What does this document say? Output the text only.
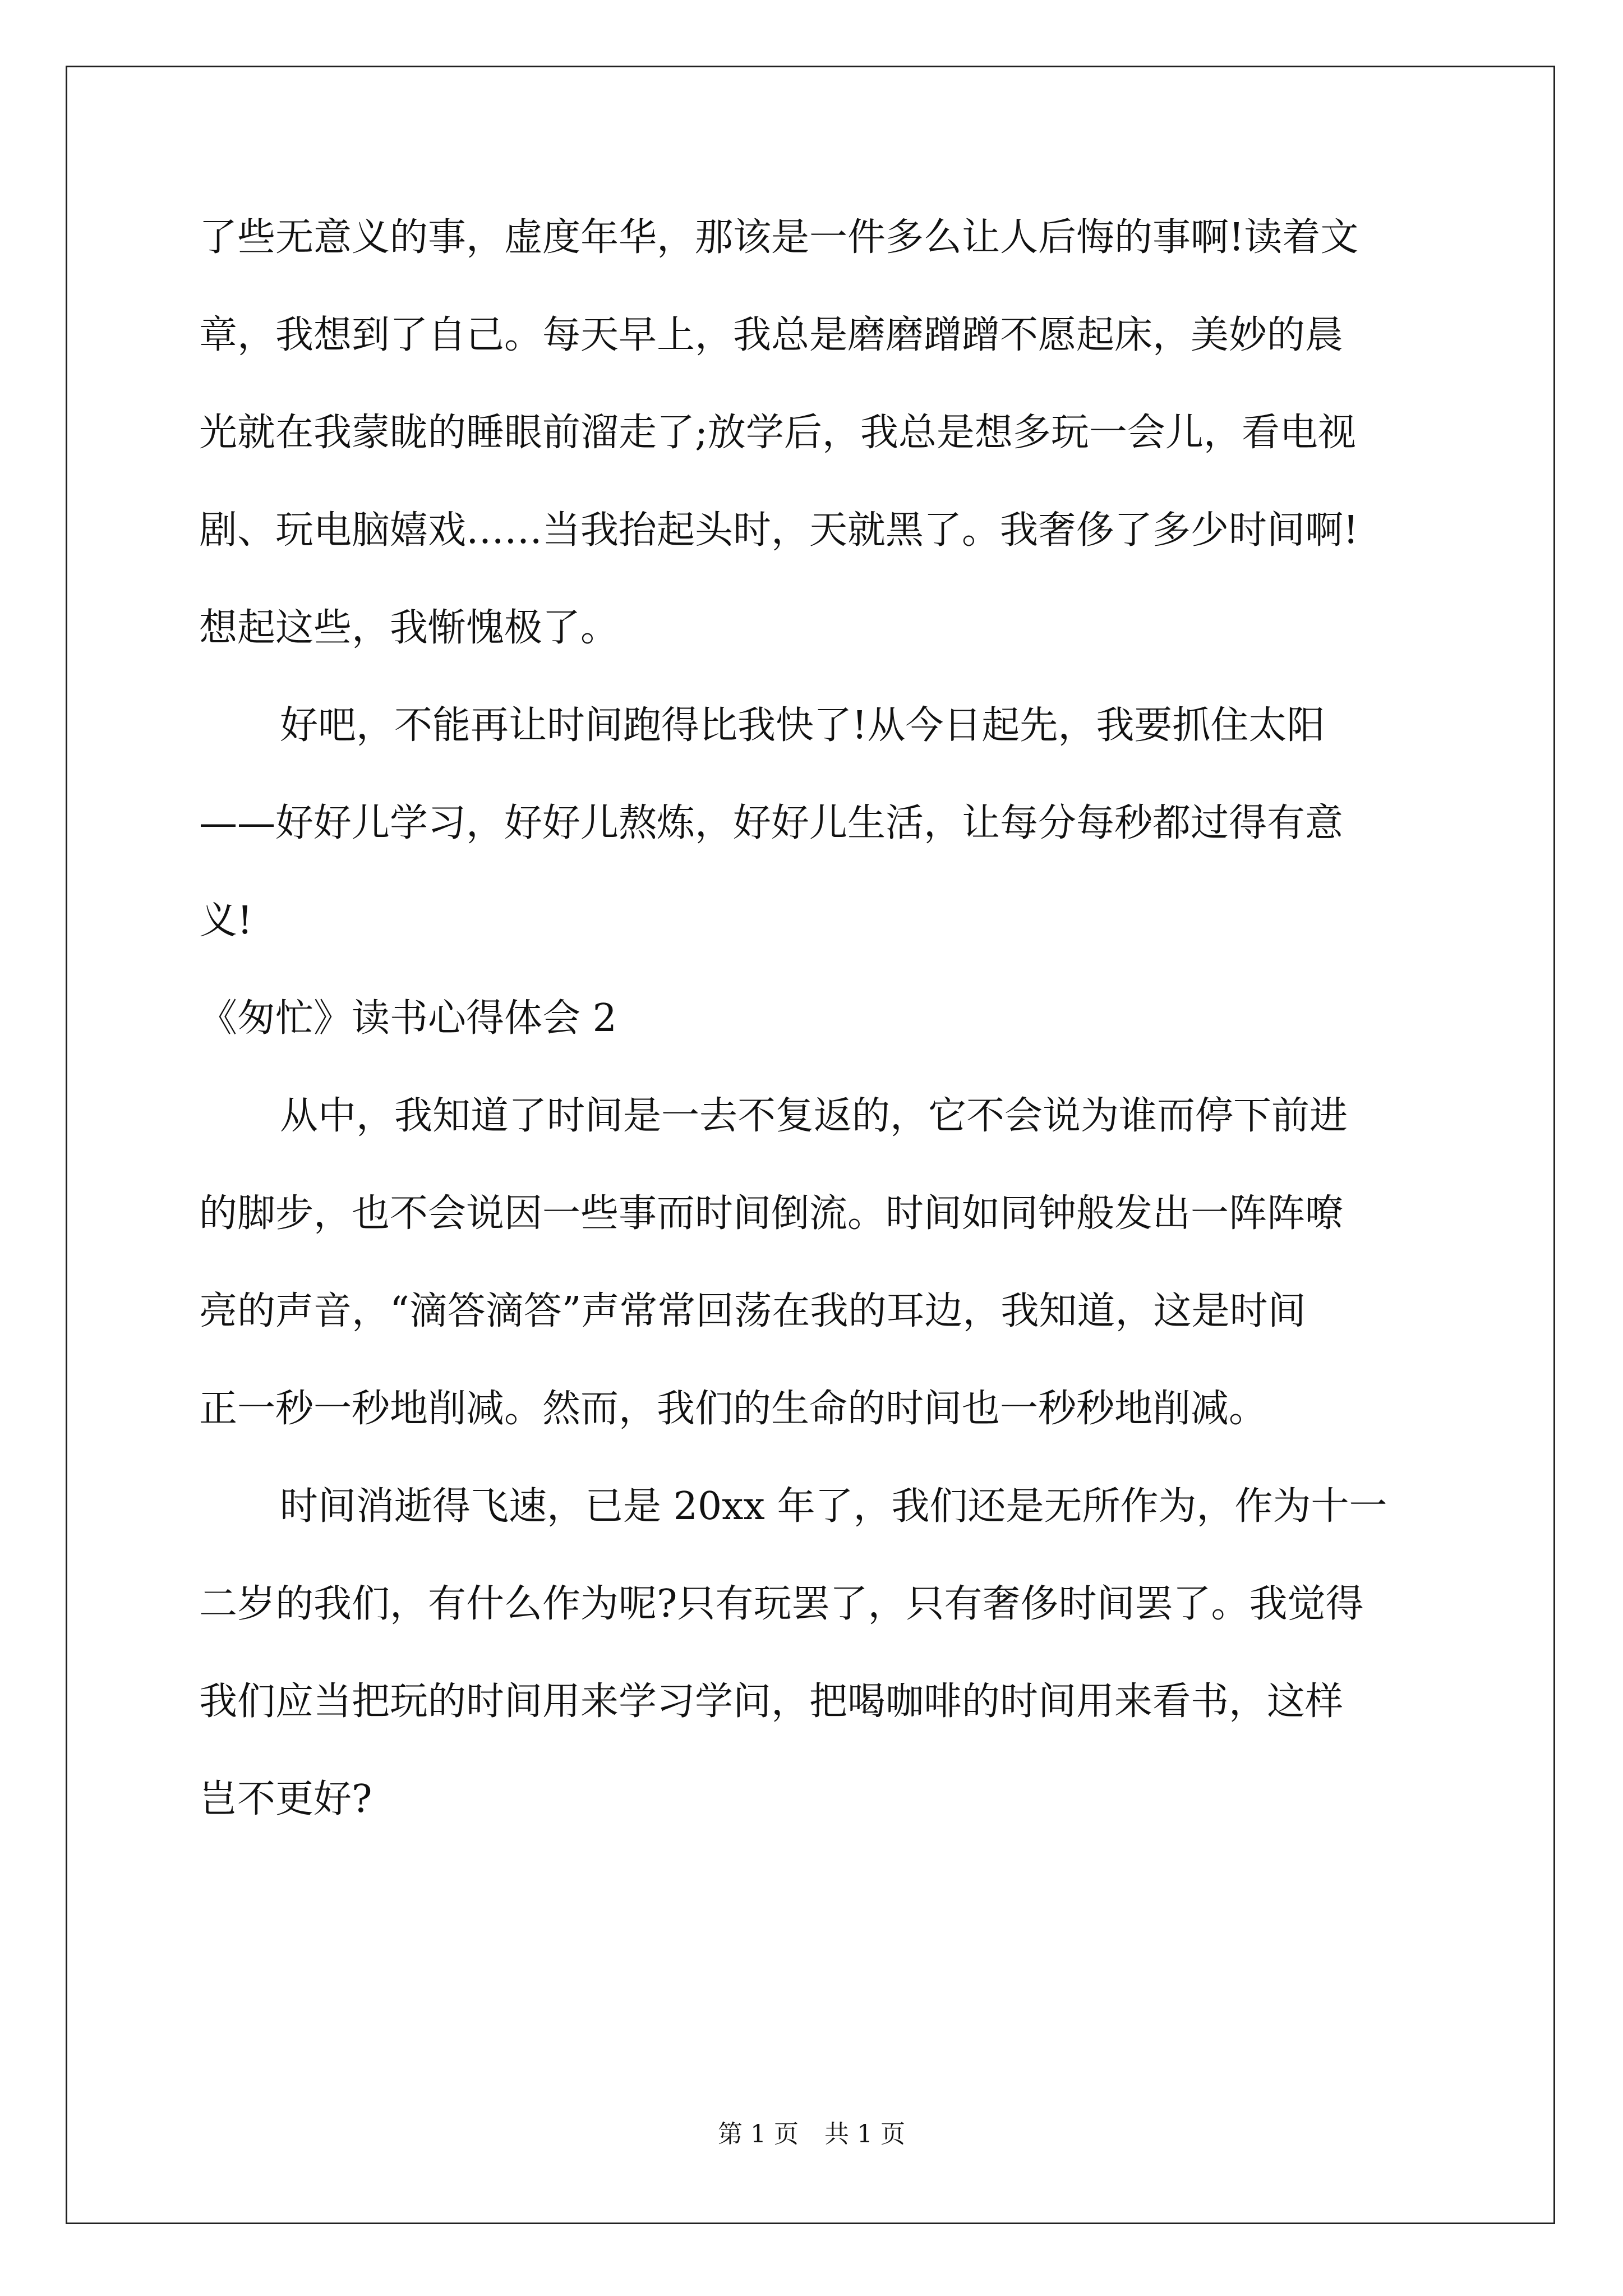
了些无意义的事，虚度年华，那该是一件多么让人后悔的事啊!读着文
章，我想到了自己。每天早上，我总是磨磨蹭蹭不愿起床，美妙的晨
光就在我蒙眬的睡眼前溜走了;放学后，我总是想多玩一会儿，看电视
剧、玩电脑嬉戏……当我抬起头时，天就黑了。我奢侈了多少时间啊!
想起这些，我惭愧极了。
好吧，不能再让时间跑得比我快了!从今日起先，我要抓住太阳
——好好儿学习，好好儿熬炼，好好儿生活，让每分每秒都过得有意
义!
《匆忙》读书心得体会 2
从中，我知道了时间是一去不复返的，它不会说为谁而停下前进
的脚步，也不会说因一些事而时间倒流。时间如同钟般发出一阵阵嘹
亮的声音，“滴答滴答”声常常回荡在我的耳边，我知道，这是时间
正一秒一秒地削减。然而，我们的生命的时间也一秒秒地削减。
时间消逝得飞速，已是 20xx 年了，我们还是无所作为，作为十一
二岁的我们，有什么作为呢?只有玩罢了，只有奢侈时间罢了。我觉得
我们应当把玩的时间用来学习学问，把喝咖啡的时间用来看书，这样
岂不更好?
第 1 页 共 1 页
